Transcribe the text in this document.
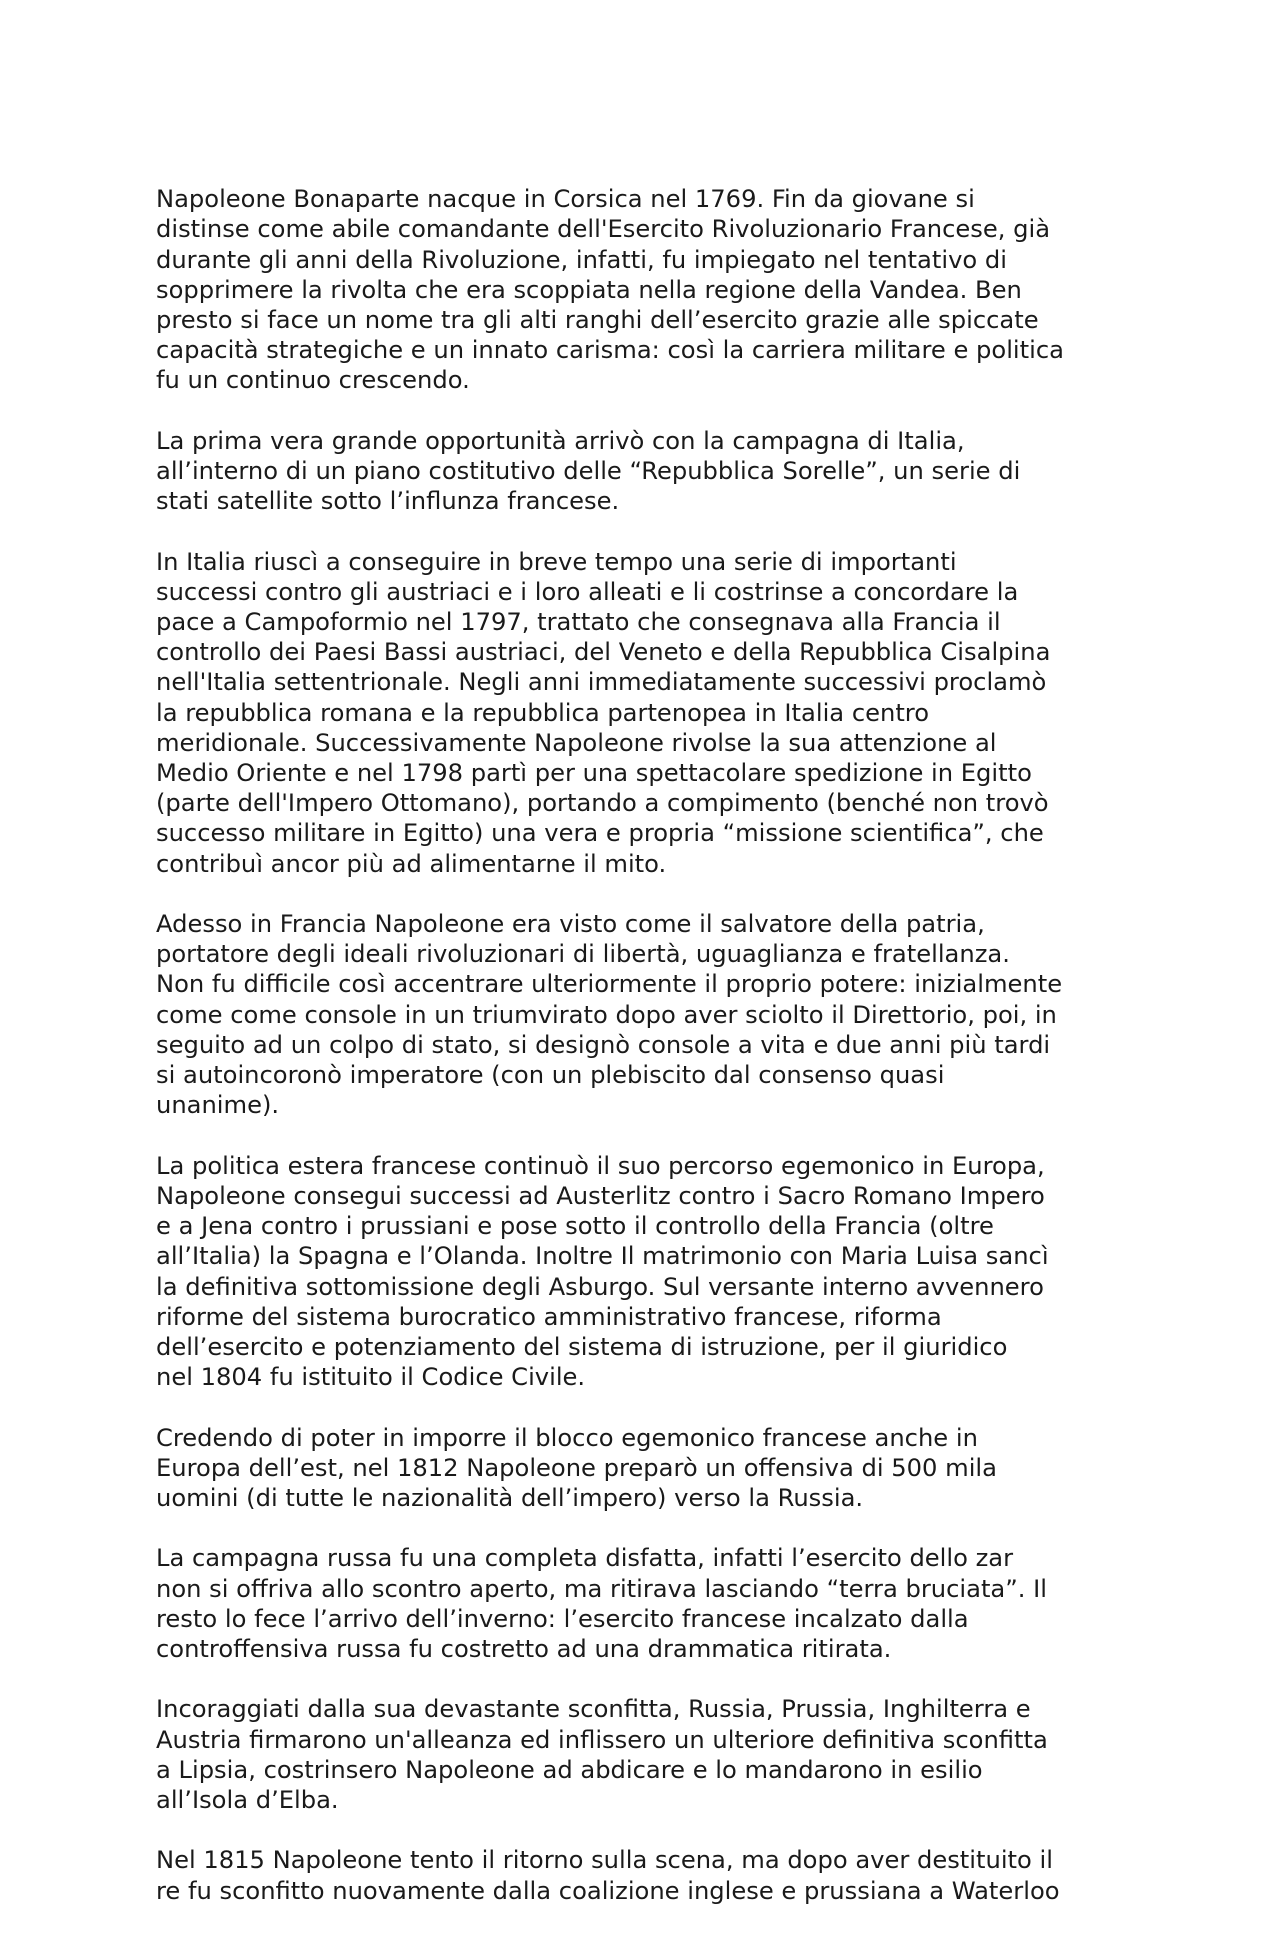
Napoleone Bonaparte nacque in Corsica nel 1769. Fin da giovane si
distinse come abile comandante dell'Esercito Rivoluzionario Francese, già
durante gli anni della Rivoluzione, infatti, fu impiegato nel tentativo di
sopprimere la rivolta che era scoppiata nella regione della Vandea. Ben
presto si face un nome tra gli alti ranghi dell’esercito grazie alle spiccate
capacità strategiche e un innato carisma: così la carriera militare e politica
fu un continuo crescendo.

La prima vera grande opportunità arrivò con la campagna di Italia,
all’interno di un piano costitutivo delle “Repubblica Sorelle”, un serie di
stati satellite sotto l’influnza francese.

In Italia riuscì a conseguire in breve tempo una serie di importanti
successi contro gli austriaci e i loro alleati e li costrinse a concordare la
pace a Campoformio nel 1797, trattato che consegnava alla Francia il
controllo dei Paesi Bassi austriaci, del Veneto e della Repubblica Cisalpina
nell'Italia settentrionale. Negli anni immediatamente successivi proclamò
la repubblica romana e la repubblica partenopea in Italia centro
meridionale. Successivamente Napoleone rivolse la sua attenzione al
Medio Oriente e nel 1798 partì per una spettacolare spedizione in Egitto
(parte dell'Impero Ottomano), portando a compimento (benché non trovò
successo militare in Egitto) una vera e propria “missione scientifica”, che
contribuì ancor più ad alimentarne il mito.

Adesso in Francia Napoleone era visto come il salvatore della patria,
portatore degli ideali rivoluzionari di libertà, uguaglianza e fratellanza.
Non fu difficile così accentrare ulteriormente il proprio potere: inizialmente
come come console in un triumvirato dopo aver sciolto il Direttorio, poi, in
seguito ad un colpo di stato, si designò console a vita e due anni più tardi
si autoincoronò imperatore (con un plebiscito dal consenso quasi
unanime).

La politica estera francese continuò il suo percorso egemonico in Europa,
Napoleone consegui successi ad Austerlitz contro i Sacro Romano Impero
e a Jena contro i prussiani e pose sotto il controllo della Francia (oltre
all’Italia) la Spagna e l’Olanda. Inoltre Il matrimonio con Maria Luisa sancì
la definitiva sottomissione degli Asburgo. Sul versante interno avvennero
riforme del sistema burocratico amministrativo francese, riforma
dell’esercito e potenziamento del sistema di istruzione, per il giuridico
nel 1804 fu istituito il Codice Civile.

Credendo di poter in imporre il blocco egemonico francese anche in
Europa dell’est, nel 1812 Napoleone preparò un offensiva di 500 mila
uomini (di tutte le nazionalità dell’impero) verso la Russia.

La campagna russa fu una completa disfatta, infatti l’esercito dello zar
non si offriva allo scontro aperto, ma ritirava lasciando “terra bruciata”. Il
resto lo fece l’arrivo dell’inverno: l’esercito francese incalzato dalla
controffensiva russa fu costretto ad una drammatica ritirata.

Incoraggiati dalla sua devastante sconfitta, Russia, Prussia, Inghilterra e
Austria firmarono un'alleanza ed inflissero un ulteriore definitiva sconfitta
a Lipsia, costrinsero Napoleone ad abdicare e lo mandarono in esilio
all’Isola d’Elba.

Nel 1815 Napoleone tento il ritorno sulla scena, ma dopo aver destituito il
re fu sconfitto nuovamente dalla coalizione inglese e prussiana a Waterloo
